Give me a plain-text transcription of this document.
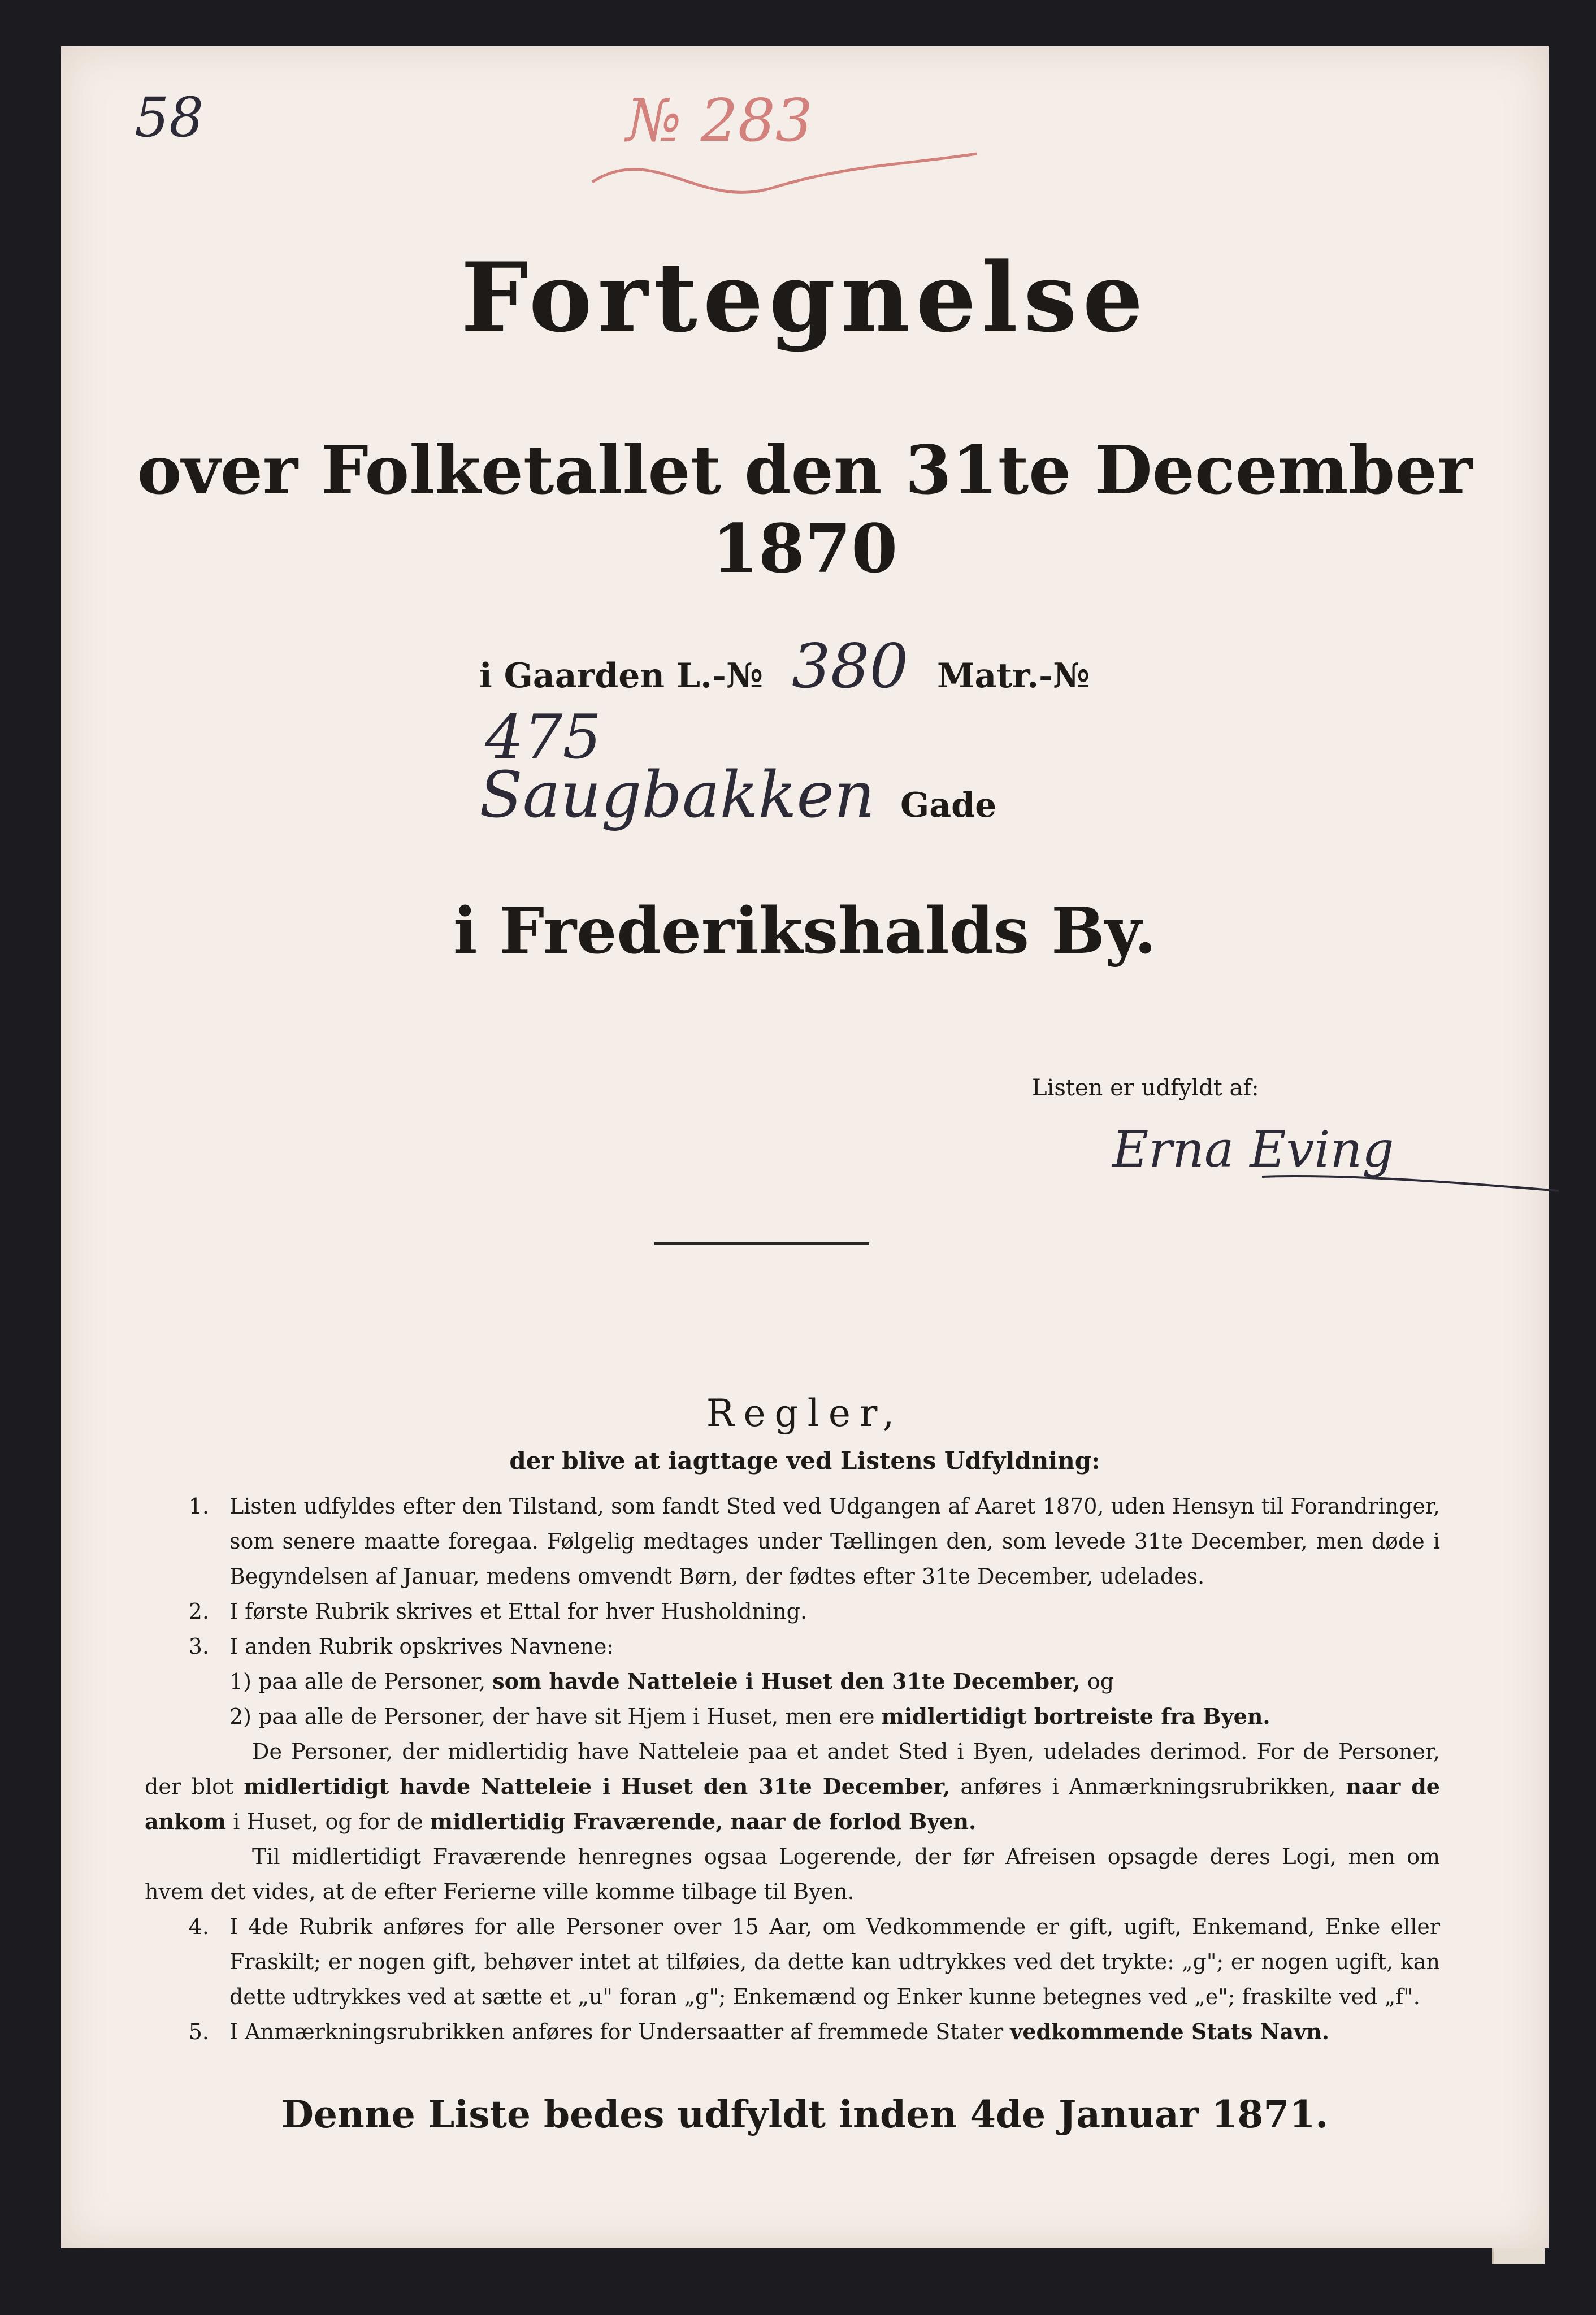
58	№ 283
Fortegnelse
over Folketallet den 31te December 1870
i Gaarden L.-№ 380 Matr.-№ 475
Saugbakken Gade
i Frederikshalds By.
Listen er udfyldt af:
Erna Eving
Regler,
der blive at iagttage ved Listens Udfyldning:
1. Listen udfyldes efter den Tilstand, som fandt Sted ved Udgangen af Aaret 1870, uden Hensyn til Forandringer, som senere maatte foregaa. Følgelig medtages under Tællingen den, som levede 31te December, men døde i Begyndelsen af Januar, medens omvendt Børn, der fødtes efter 31te December, udelades.
2. I første Rubrik skrives et Ettal for hver Husholdning.
3. I anden Rubrik opskrives Navnene:
1) paa alle de Personer, som havde Natteleie i Huset den 31te December, og
2) paa alle de Personer, der have sit Hjem i Huset, men ere midlertidigt bortreiste fra Byen.
De Personer, der midlertidig have Natteleie paa et andet Sted i Byen, udelades derimod. For de Personer, der blot midlertidigt havde Natteleie i Huset den 31te December, anføres i Anmærkningsrubrikken, naar de ankom i Huset, og for de midlertidig Fraværende, naar de forlod Byen.
Til midlertidigt Fraværende henregnes ogsaa Logerende, der før Afreisen opsagde deres Logi, men om hvem det vides, at de efter Ferierne ville komme tilbage til Byen.
4. I 4de Rubrik anføres for alle Personer over 15 Aar, om Vedkommende er gift, ugift, Enkemand, Enke eller Fraskilt; er nogen gift, behøver intet at tilføies, da dette kan udtrykkes ved det trykte: „g"; er nogen ugift, kan dette udtrykkes ved at sætte et „u" foran „g"; Enkemænd og Enker kunne betegnes ved „e"; fraskilte ved „f".
5. I Anmærkningsrubrikken anføres for Undersaatter af fremmede Stater vedkommende Stats Navn.
Denne Liste bedes udfyldt inden 4de Januar 1871.
